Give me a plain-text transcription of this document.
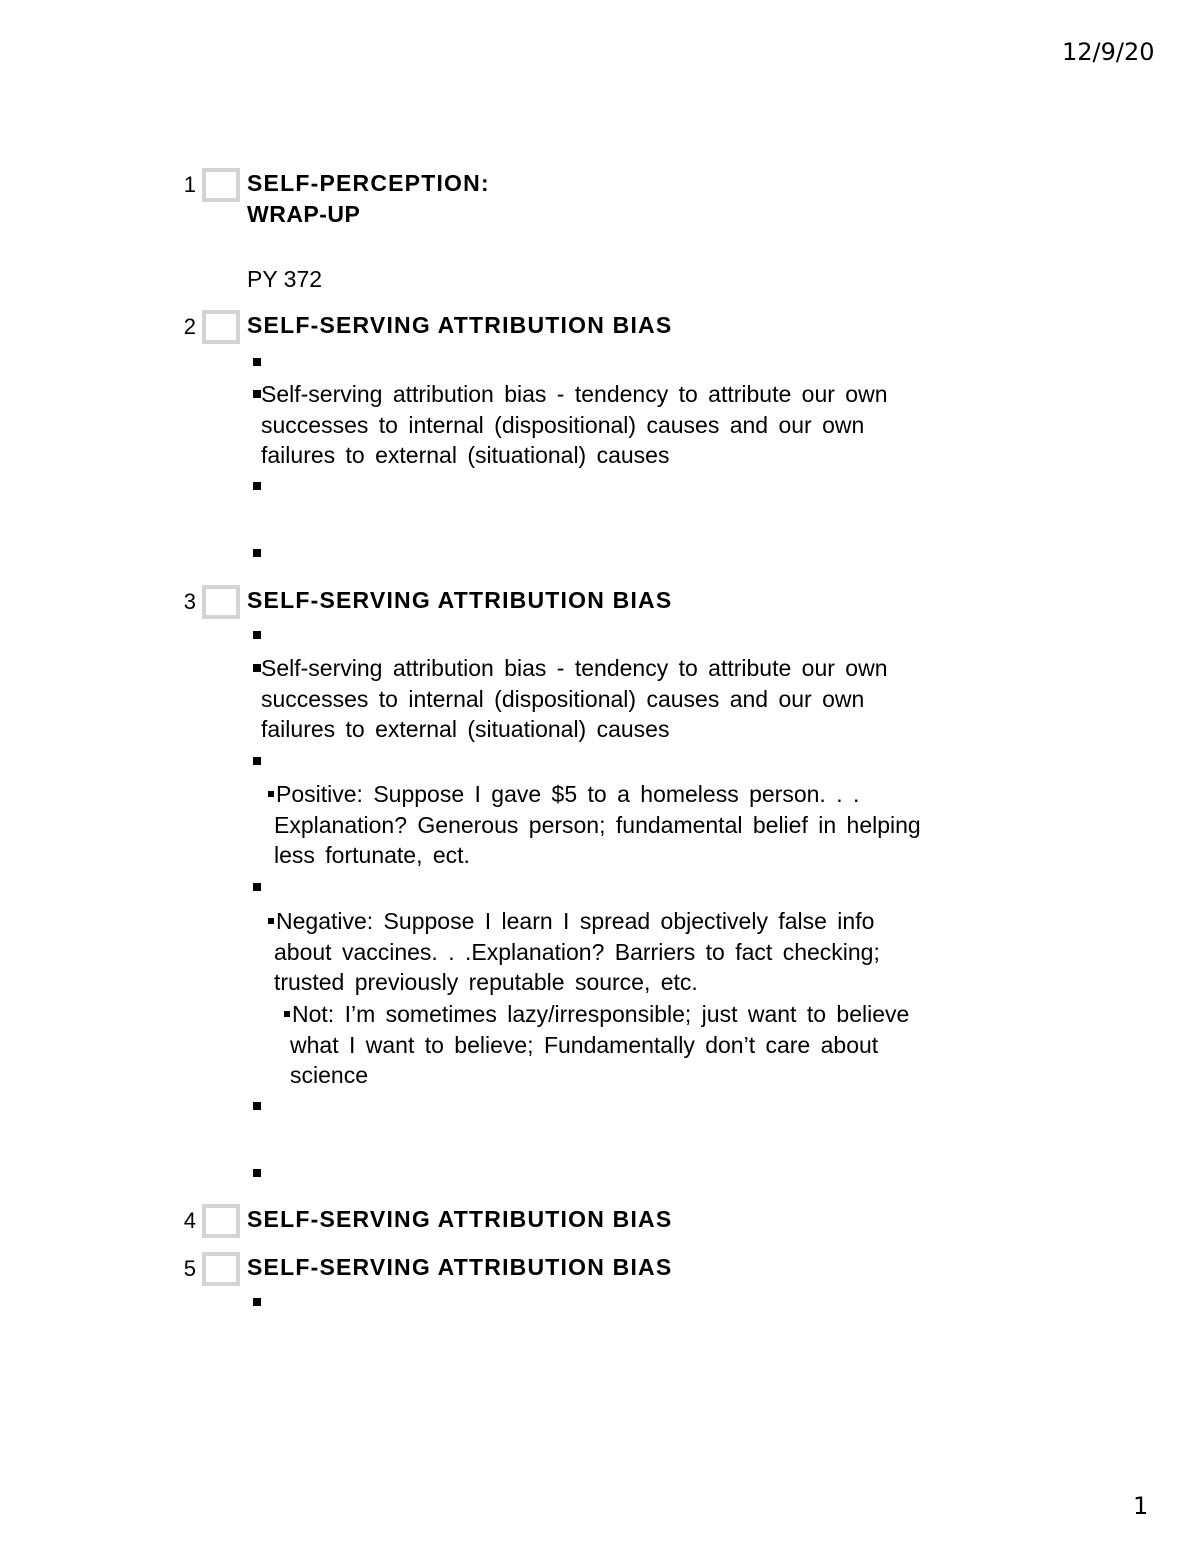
12/9/20
1
1 SELF-PERCEPTION:
WRAP-UP
PY 372
2 SELF-SERVING ATTRIBUTION BIAS
Self-serving attribution bias - tendency to attribute our own
successes to internal (dispositional) causes and our own
failures to external (situational) causes
3 SELF-SERVING ATTRIBUTION BIAS
Self-serving attribution bias - tendency to attribute our own
successes to internal (dispositional) causes and our own
failures to external (situational) causes
Positive: Suppose I gave $5 to a homeless person. . .
Explanation? Generous person; fundamental belief in helping
less fortunate, ect.
Negative: Suppose I learn I spread objectively false info
about vaccines. . .Explanation? Barriers to fact checking;
trusted previously reputable source, etc.
Not: I’m sometimes lazy/irresponsible; just want to believe
what I want to believe; Fundamentally don’t care about
science
4 SELF-SERVING ATTRIBUTION BIAS
5 SELF-SERVING ATTRIBUTION BIAS
